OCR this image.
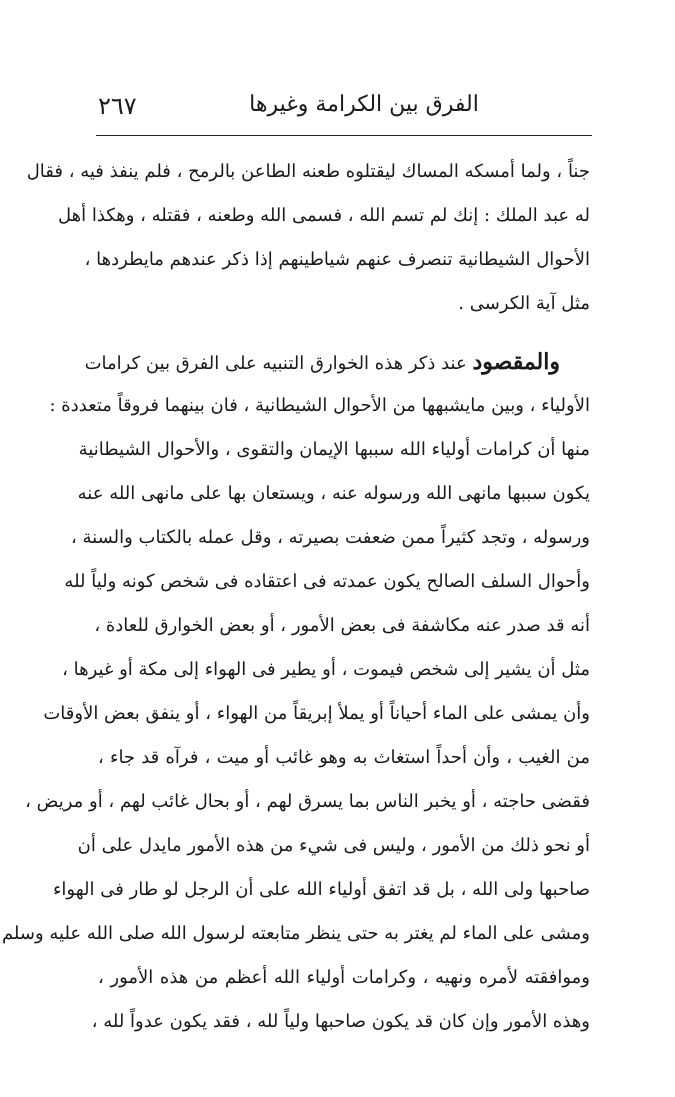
الفرق بين الكرامة وغيرها
٢٦٧
جناً ، ولما أمسكه المساك ليقتلوه طعنه الطاعن بالرمح ، فلم ينفذ فيه ، فقال
له عبد الملك : إنك لم تسم الله ، فسمى الله وطعنه ، فقتله ، وهكذا أهل
الأحوال الشيطانية تنصرف عنهم شياطينهم إذا ذكر عندهم مايطردها ،
مثل آية الكرسى .
والمقصود عند ذكر هذه الخوارق التنبيه على الفرق بين كرامات
الأولياء ، وبين مايشبهها من الأحوال الشيطانية ، فان بينهما فروقاً متعددة :
منها أن كرامات أولياء الله سببها الإيمان والتقوى ، والأحوال الشيطانية
يكون سببها مانهى الله ورسوله عنه ، ويستعان بها على مانهى الله عنه
ورسوله ، وتجد كثيراً ممن ضعفت بصيرته ، وقل عمله بالكتاب والسنة ،
وأحوال السلف الصالح يكون عمدته فى اعتقاده فى شخص كونه ولياً لله
أنه قد صدر عنه مكاشفة فى بعض الأمور ، أو بعض الخوارق للعادة ،
مثل أن يشير إلى شخص فيموت ، أو يطير فى الهواء إلى مكة أو غيرها ،
وأن يمشى على الماء أحياناً أو يملأ إبريقاً من الهواء ، أو ينفق بعض الأوقات
من الغيب ، وأن أحداً استغاث به وهو غائب أو ميت ، فرآه قد جاء ،
فقضى حاجته ، أو يخبر الناس بما يسرق لهم ، أو بحال غائب لهم ، أو مريض ،
أو نحو ذلك من الأمور ، وليس فى شيء من هذه الأمور مايدل على أن
صاحبها ولى الله ، بل قد اتفق أولياء الله على أن الرجل لو طار فى الهواء
ومشى على الماء لم يغتر به حتى ينظر متابعته لرسول الله صلى الله عليه وسلم
وموافقته لأمره ونهيه ، وكرامات أولياء الله أعظم من هذه الأمور ،
وهذه الأمور وإن كان قد يكون صاحبها ولياً لله ، فقد يكون عدواً لله ،
